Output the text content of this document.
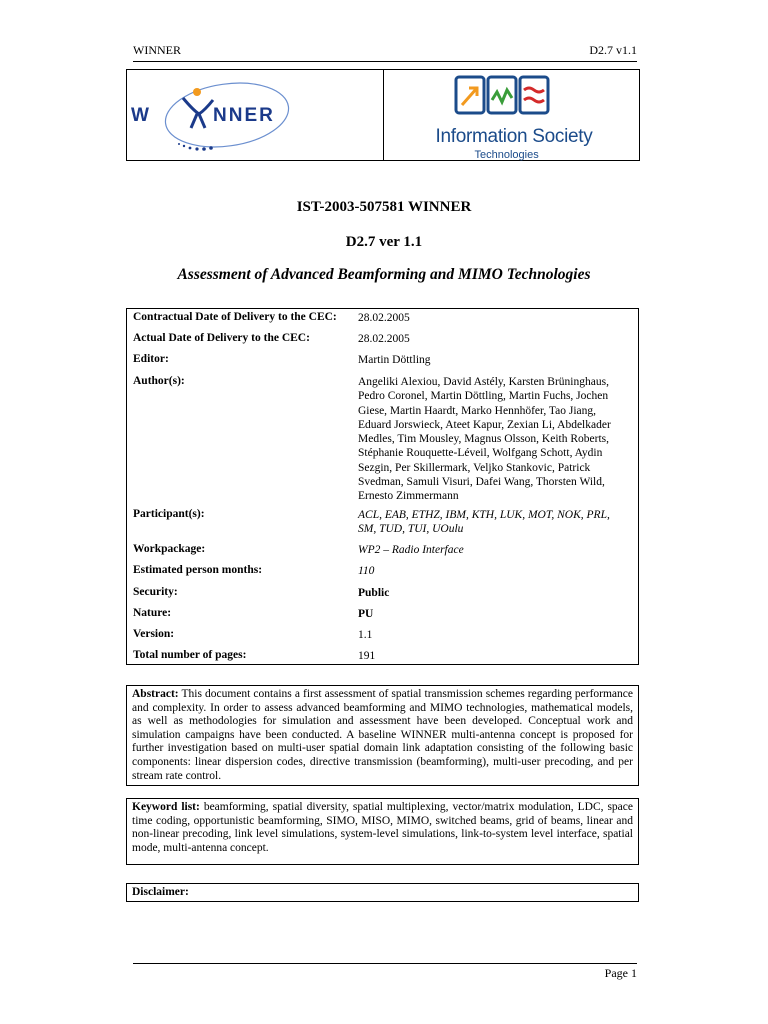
WINNER	D2.7 v1.1
W	NNER
Information Society
Technologies
IST-2003-507581 WINNER
D2.7 ver 1.1
Assessment of Advanced Beamforming and MIMO Technologies
Contractual Date of Delivery to the CEC: 28.02.2005
Actual Date of Delivery to the CEC:	28.02.2005
Editor:	Martin Döttling
Author(s):	Angeliki Alexiou, David Astély, Karsten Brüninghaus,
Pedro Coronel, Martin Döttling, Martin Fuchs, Jochen
Giese, Martin Haardt, Marko Hennhöfer, Tao Jiang,
Eduard Jorswieck, Ateet Kapur, Zexian Li, Abdelkader
Medles, Tim Mousley, Magnus Olsson, Keith Roberts,
Stéphanie Rouquette-Léveil, Wolfgang Schott, Aydin
Sezgin, Per Skillermark, Veljko Stankovic, Patrick
Svedman, Samuli Visuri, Dafei Wang, Thorsten Wild,
Ernesto Zimmermann
Participant(s):	ACL, EAB, ETHZ, IBM, KTH, LUK, MOT, NOK, PRL,
SM, TUD, TUI, UOulu
Workpackage:	WP2 – Radio Interface
Estimated person months:	110
Security:	Public
Nature:	PU
Version:	1.1
Total number of pages:	191
Abstract: This document contains a first assessment of spatial transmission schemes regarding performance and complexity. In order to assess advanced beamforming and MIMO technologies, mathematical models, as well as methodologies for simulation and assessment have been developed. Conceptual work and simulation campaigns have been conducted. A baseline WINNER multi-antenna concept is proposed for further investigation based on multi-user spatial domain link adaptation consisting of the following basic components: linear dispersion codes, directive transmission (beamforming), multi-user precoding, and per stream rate control.
Keyword list: beamforming, spatial diversity, spatial multiplexing, vector/matrix modulation, LDC, space time coding, opportunistic beamforming, SIMO, MISO, MIMO, switched beams, grid of beams, linear and non-linear precoding, link level simulations, system-level simulations, link-to-system level interface, spatial mode, multi-antenna concept.
Disclaimer:
Page 1
